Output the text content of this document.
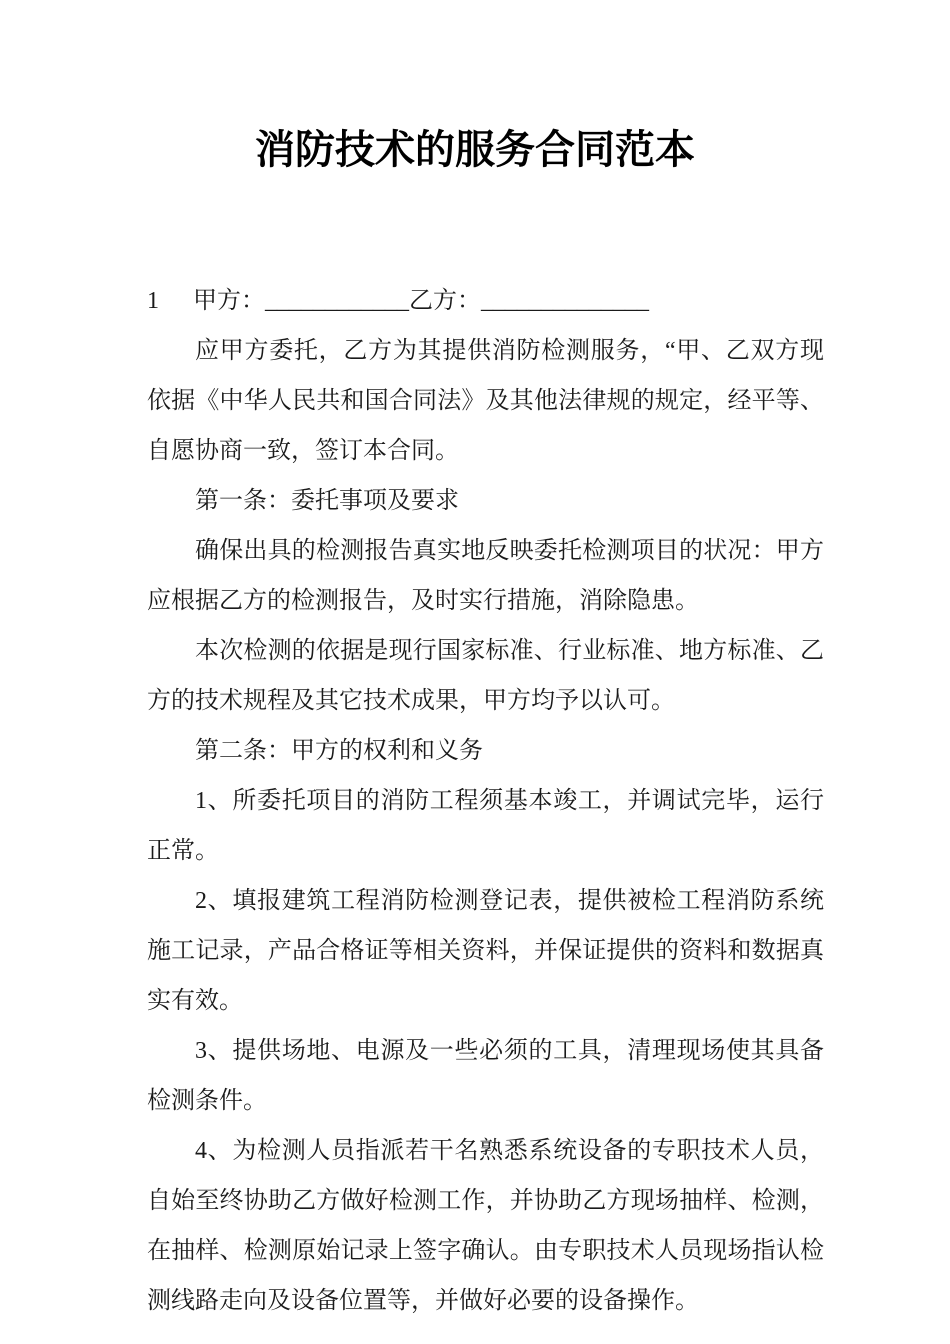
消防技术的服务合同范本

1 甲方：____________乙方：______________

应甲方委托，乙方为其提供消防检测服务，“甲、乙双方现依据《中华人民共和国合同法》及其他法律规的规定，经平等、自愿协商一致，签订本合同。

第一条：委托事项及要求

确保出具的检测报告真实地反映委托检测项目的状况：甲方应根据乙方的检测报告，及时实行措施，消除隐患。

本次检测的依据是现行国家标准、行业标准、地方标准、乙方的技术规程及其它技术成果，甲方均予以认可。

第二条：甲方的权利和义务

1、所委托项目的消防工程须基本竣工，并调试完毕，运行正常。

2、填报建筑工程消防检测登记表，提供被检工程消防系统施工记录，产品合格证等相关资料，并保证提供的资料和数据真实有效。

3、提供场地、电源及一些必须的工具，清理现场使其具备检测条件。

4、为检测人员指派若干名熟悉系统设备的专职技术人员，自始至终协助乙方做好检测工作，并协助乙方现场抽样、检测，在抽样、检测原始记录上签字确认。由专职技术人员现场指认检测线路走向及设备位置等，并做好必要的设备操作。
